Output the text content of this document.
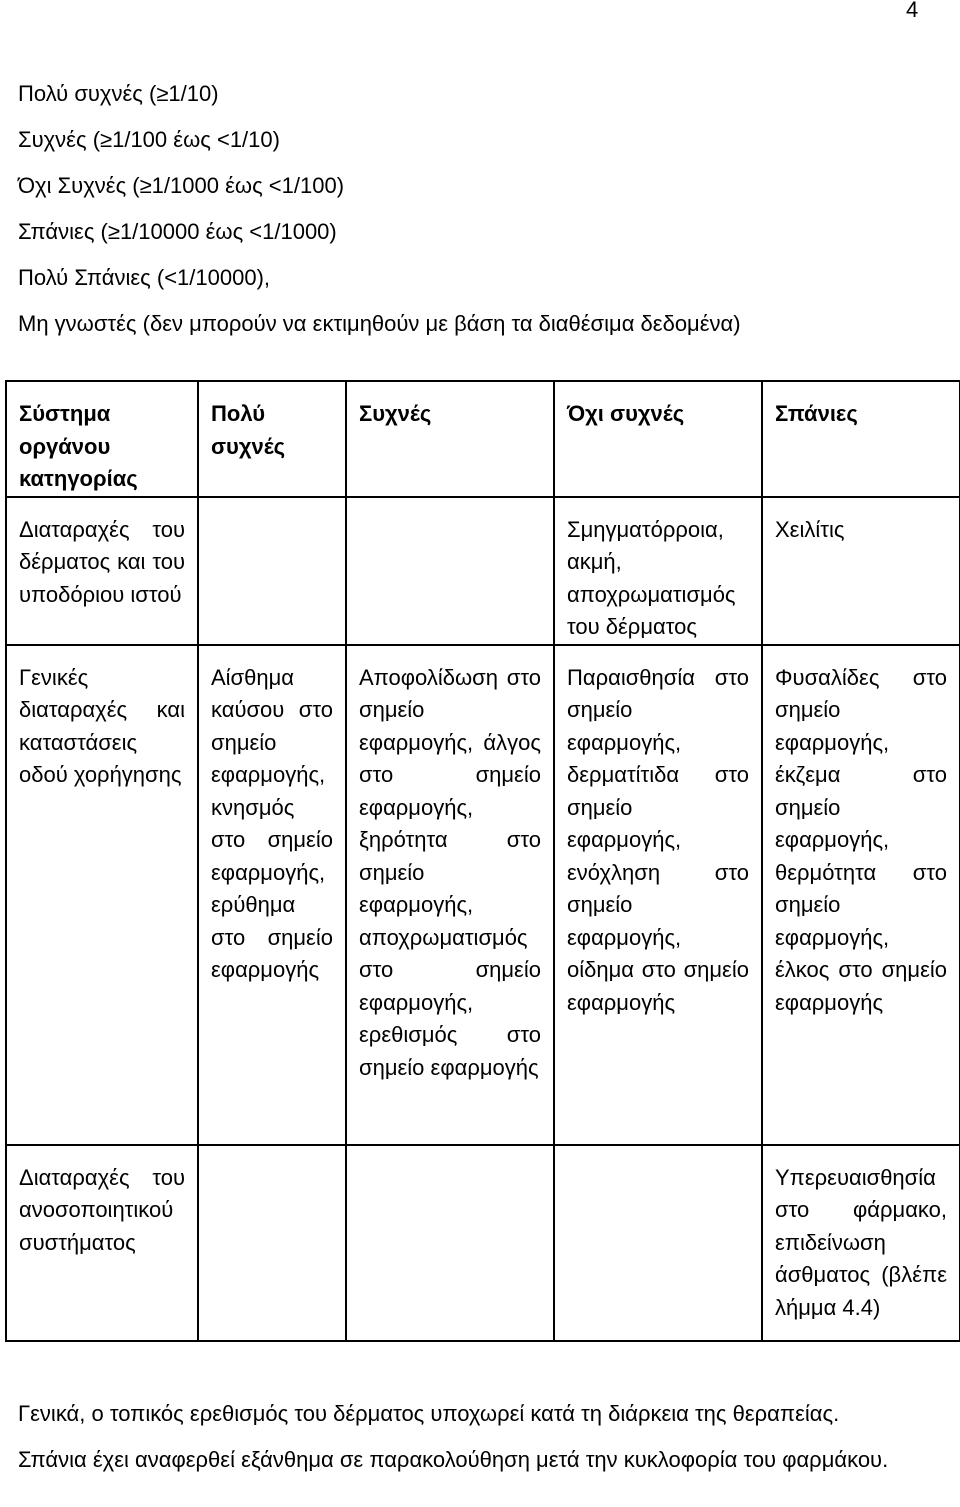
4
Πολύ συχνές (≥1/10)
Συχνές (≥1/100 έως <1/10)
Όχι Συχνές (≥1/1000 έως <1/100)
Σπάνιες (≥1/10000 έως <1/1000)
Πολύ Σπάνιες (<1/10000),
Μη γνωστές (δεν μπορούν να εκτιμηθούν με βάση τα διαθέσιμα δεδομένα)
Σύστημα οργάνου κατηγορίας	Πολύ συχνές	Συχνές	Όχι συχνές	Σπάνιες
Διαταραχές του δέρματος και του υποδόριου ιστού			Σμηγματόρροια, ακμή, αποχρωματισμός του δέρματος	Χειλίτις
Γενικές διαταραχές και καταστάσεις οδού χορήγησης	Αίσθημα καύσου στο σημείο εφαρμογής, κνησμός στο σημείο εφαρμογής, ερύθημα στο σημείο εφαρμογής	Αποφολίδωση στο σημείο εφαρμογής, άλγος στο σημείο εφαρμογής, ξηρότητα στο σημείο εφαρμογής, αποχρωματισμός στο σημείο εφαρμογής, ερεθισμός στο σημείο εφαρμογής	Παραισθησία στο σημείο εφαρμογής, δερματίτιδα στο σημείο εφαρμογής, ενόχληση στο σημείο εφαρμογής, οίδημα στο σημείο εφαρμογής	Φυσαλίδες στο σημείο εφαρμογής, έκζεμα στο σημείο εφαρμογής, θερμότητα στο σημείο εφαρμογής, έλκος στο σημείο εφαρμογής
Διαταραχές του ανοσοποιητικού συστήματος				Υπερευαισθησία στο φάρμακο, επιδείνωση άσθματος (βλέπε λήμμα 4.4)

Γενικά, ο τοπικός ερεθισμός του δέρματος υποχωρεί κατά τη διάρκεια της θεραπείας.

Σπάνια έχει αναφερθεί εξάνθημα σε παρακολούθηση μετά την κυκλοφορία του φαρμάκου.
